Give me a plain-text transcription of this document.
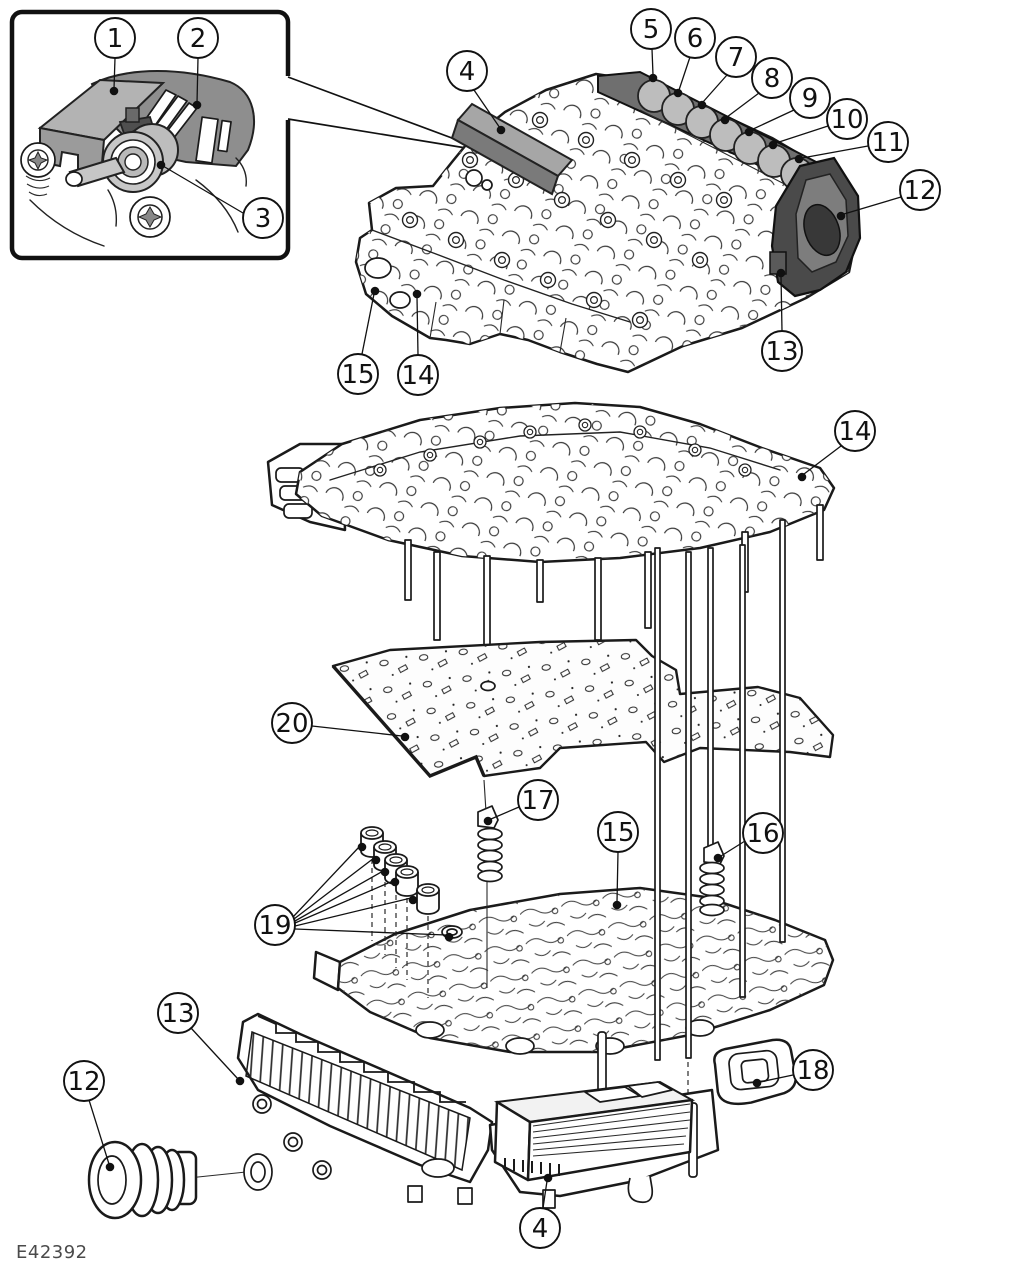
E42392
1	2
3
4
5 6
7
8
9
10
11
12
13
15 14
14
20
17
15	16
19
13
12	18
4
